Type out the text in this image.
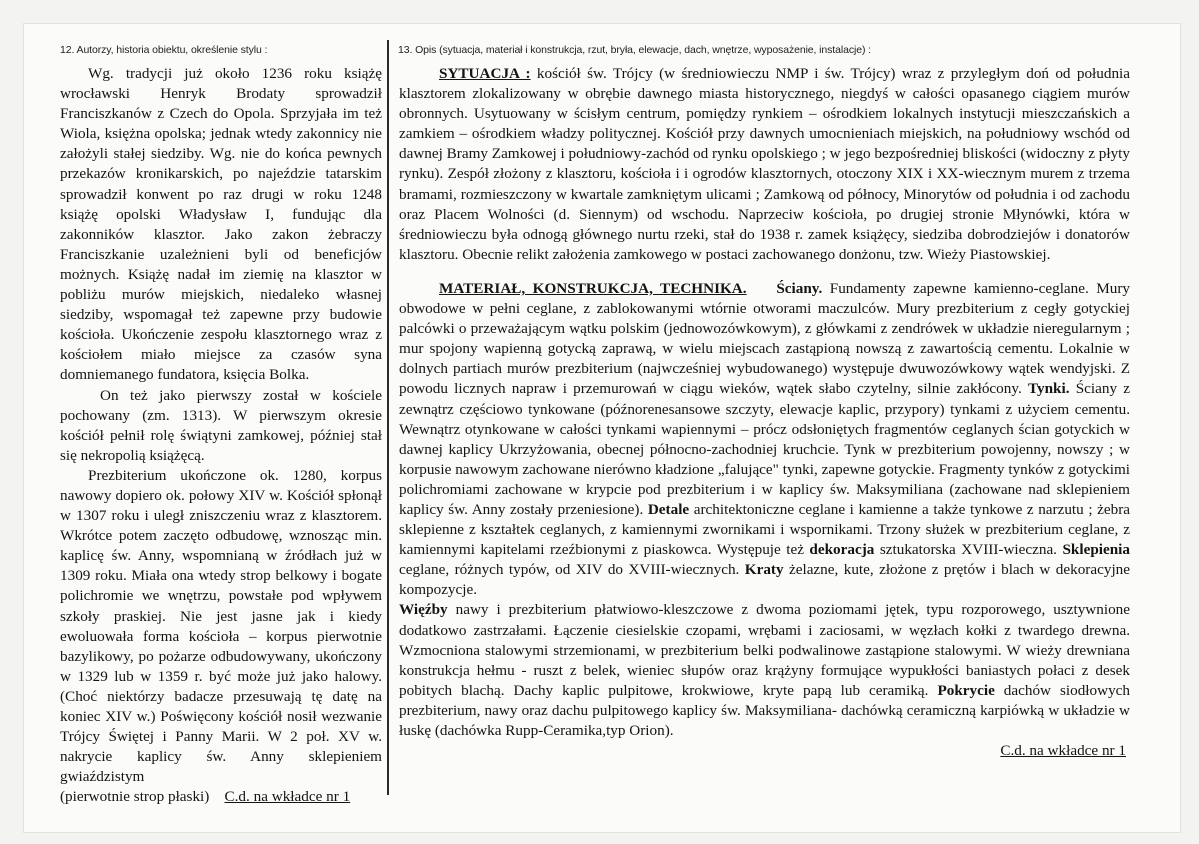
12. Autorzy, historia obiektu, określenie stylu :	13. Opis (sytuacja, materiał i konstrukcja, rzut, bryła, elewacje, dach, wnętrze, wyposażenie, instalacje) :

Wg. tradycji już około 1236 roku książę wrocławski Henryk Brodaty sprowadził Franciszkanów z Czech do Opola. Sprzyjała im też Wiola, księżna opolska; jednak wtedy zakonnicy nie założyli stałej siedziby. Wg. nie do końca pewnych przekazów kronikarskich, po najeździe tatarskim sprowadził konwent po raz drugi w roku 1248 książę opolski Władysław I, fundując dla zakonników klasztor. Jako zakon żebraczy Franciszkanie uzależnieni byli od beneficjów możnych. Książę nadał im ziemię na klasztor w pobliżu murów miejskich, niedaleko własnej siedziby, wspomagał też zapewne przy budowie kościoła. Ukończenie zespołu klasztornego wraz z kościołem miało miejsce za czasów syna domniemanego fundatora, księcia Bolka.

On też jako pierwszy został w kościele pochowany (zm. 1313). W pierwszym okresie kościół pełnił rolę świątyni zamkowej, później stał się nekropolią książęcą.

Prezbiterium ukończone ok. 1280, korpus nawowy dopiero ok. połowy XIV w. Kościół spłonął w 1307 roku i uległ zniszczeniu wraz z klasztorem. Wkrótce potem zaczęto odbudowę, wznosząc min. kaplicę św. Anny, wspomnianą w źródłach już w 1309 roku. Miała ona wtedy strop belkowy i bogate polichromie we wnętrzu, powstałe pod wpływem szkoły praskiej. Nie jest jasne jak i kiedy ewoluowała forma kościoła – korpus pierwotnie bazylikowy, po pożarze odbudowywany, ukończony w 1329 lub w 1359 r. być może już jako halowy. (Choć niektórzy badacze przesuwają tę datę na koniec XIV w.) Poświęcony kościół nosił wezwanie Trójcy Świętej i Panny Marii. W 2 poł. XV w. nakrycie kaplicy św. Anny sklepieniem gwiaździstym

(pierwotnie strop płaski) C.d. na wkładce nr 1

SYTUACJA : kościół św. Trójcy (w średniowieczu NMP i św. Trójcy) wraz z przyległym doń od południa klasztorem zlokalizowany w obrębie dawnego miasta historycznego, niegdyś w całości opasanego ciągiem murów obronnych. Usytuowany w ścisłym centrum, pomiędzy rynkiem – ośrodkiem lokalnych instytucji mieszczańskich a zamkiem – ośrodkiem władzy politycznej. Kościół przy dawnych umocnieniach miejskich, na południowy wschód od dawnej Bramy Zamkowej i południowy-zachód od rynku opolskiego ; w jego bezpośredniej bliskości (widoczny z płyty rynku). Zespół złożony z klasztoru, kościoła i i ogrodów klasztornych, otoczony XIX i XX-wiecznym murem z trzema bramami, rozmieszczony w kwartale zamkniętym ulicami ; Zamkową od północy, Minorytów od południa i od zachodu oraz Placem Wolności (d. Siennym) od wschodu. Naprzeciw kościoła, po drugiej stronie Młynówki, która w średniowieczu była odnogą głównego nurtu rzeki, stał do 1938 r. zamek książęcy, siedziba dobrodziejów i donatorów klasztoru. Obecnie relikt założenia zamkowego w postaci zachowanego donżonu, tzw. Wieży Piastowskiej.

MATERIAŁ, KONSTRUKCJA, TECHNIKA. Ściany. Fundamenty zapewne kamienno-ceglane. Mury obwodowe w pełni ceglane, z zablokowanymi wtórnie otworami maczulców. Mury prezbiterium z cegły gotyckiej palcówki o przeważającym wątku polskim (jednowozówkowym), z główkami z zendrówek w układzie nieregularnym ; mur spojony wapienną gotycką zaprawą, w wielu miejscach zastąpioną nowszą z zawartością cementu. Lokalnie w dolnych partiach murów prezbiterium (najwcześniej wybudowanego) występuje dwuwozówkowy wątek wendyjski. Z powodu licznych napraw i przemurowań w ciągu wieków, wątek słabo czytelny, silnie zakłócony. Tynki. Ściany z zewnątrz częściowo tynkowane (późnorenesansowe szczyty, elewacje kaplic, przypory) tynkami z użyciem cementu. Wewnątrz otynkowane w całości tynkami wapiennymi – prócz odsłoniętych fragmentów ceglanych ścian gotyckich w dawnej kaplicy Ukrzyżowania, obecnej północno-zachodniej kruchcie. Tynk w prezbiterium powojenny, nowszy ; w korpusie nawowym zachowane nierówno kładzione „falujące" tynki, zapewne gotyckie. Fragmenty tynków z gotyckimi polichromiami zachowane w krypcie pod prezbiterium i w kaplicy św. Maksymiliana (zachowane nad sklepieniem kaplicy św. Anny zostały przeniesione). Detale architektoniczne ceglane i kamienne a także tynkowe z narzutu ; żebra sklepienne z kształtek ceglanych, z kamiennymi zwornikami i wspornikami. Trzony służek w prezbiterium ceglane, z kamiennymi kapitelami rzeźbionymi z piaskowca. Występuje też dekoracja sztukatorska XVIII-wieczna. Sklepienia ceglane, różnych typów, od XIV do XVIII-wiecznych. Kraty żelazne, kute, złożone z prętów i blach w dekoracyjne kompozycje.

Więźby nawy i prezbiterium płatwiowo-kleszczowe z dwoma poziomami jętek, typu rozporowego, usztywnione dodatkowo zastrzałami. Łączenie ciesielskie czopami, wrębami i zaciosami, w węzłach kołki z twardego drewna. Wzmocniona stalowymi strzemionami, w prezbiterium belki podwalinowe zastąpione stalowymi. W wieży drewniana konstrukcja hełmu - ruszt z belek, wieniec słupów oraz krążyny formujące wypukłości baniastych połaci z desek pobitych blachą. Dachy kaplic pulpitowe, krokwiowe, kryte papą lub ceramiką. Pokrycie dachów siodłowych prezbiterium, nawy oraz dachu pulpitowego kaplicy św. Maksymiliana- dachówką ceramiczną karpiówką w układzie w łuskę (dachówka Rupp-Ceramika,typ Orion).

C.d. na wkładce nr 1
